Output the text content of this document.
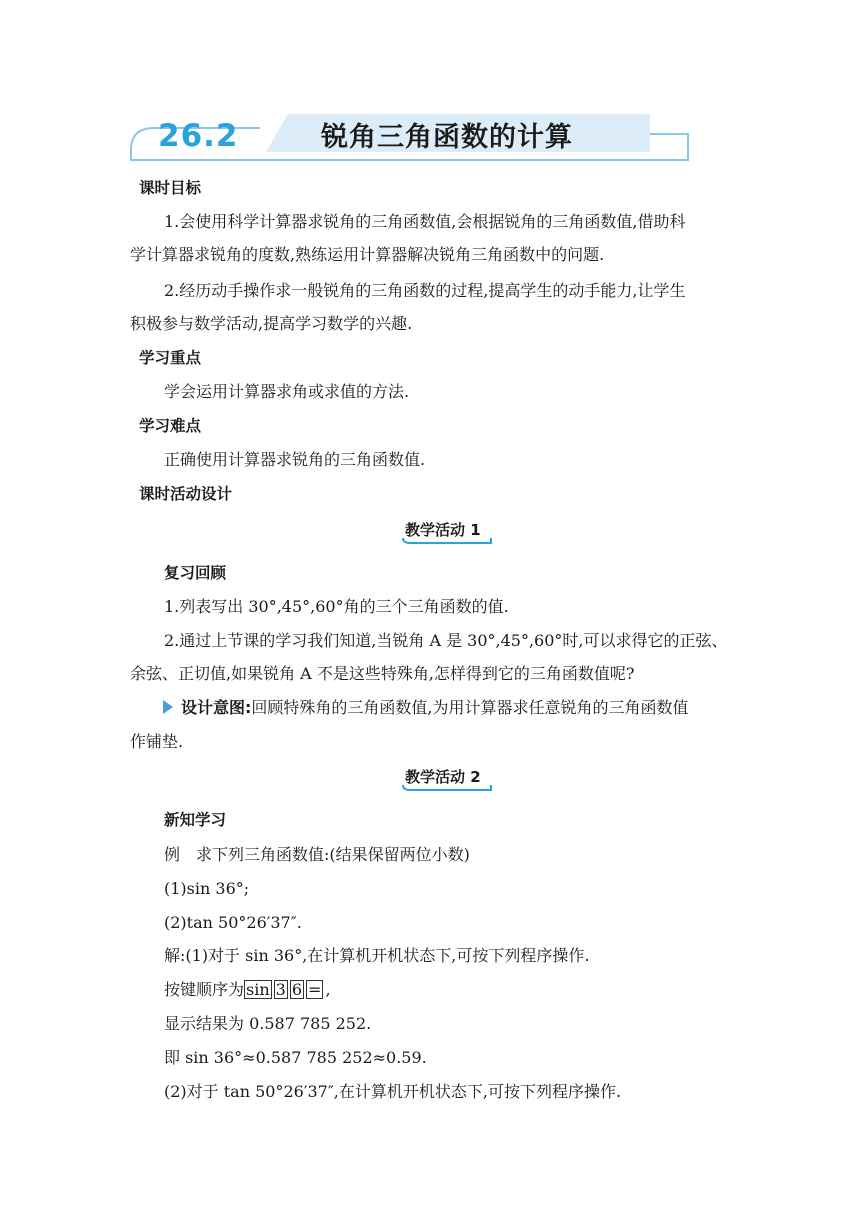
26.2	锐角三角函数的计算
课时目标
1.会使用科学计算器求锐角的三角函数值,会根据锐角的三角函数值,借助科
学计算器求锐角的度数,熟练运用计算器解决锐角三角函数中的问题.
2.经历动手操作求一般锐角的三角函数的过程,提高学生的动手能力,让学生
积极参与数学活动,提高学习数学的兴趣.
学习重点
学会运用计算器求角或求值的方法.
学习难点
正确使用计算器求锐角的三角函数值.
课时活动设计
教学活动 1
复习回顾
1.列表写出 30°,45°,60°角的三个三角函数的值.
2.通过上节课的学习我们知道,当锐角 A 是 30°,45°,60°时,可以求得它的正弦、
余弦、正切值,如果锐角 A 不是这些特殊角,怎样得到它的三角函数值呢?
设计意图:回顾特殊角的三角函数值,为用计算器求任意锐角的三角函数值
作铺垫.
教学活动 2
新知学习
例　求下列三角函数值:(结果保留两位小数)
(1)sin 36°;
(2)tan 50°26′37″.
解:(1)对于 sin 36°,在计算机开机状态下,可按下列程序操作.
按键顺序为 sin 3 6 = ,
显示结果为 0.587 785 252.
即 sin 36°≈0.587 785 252≈0.59.
(2)对于 tan 50°26′37″,在计算机开机状态下,可按下列程序操作.
